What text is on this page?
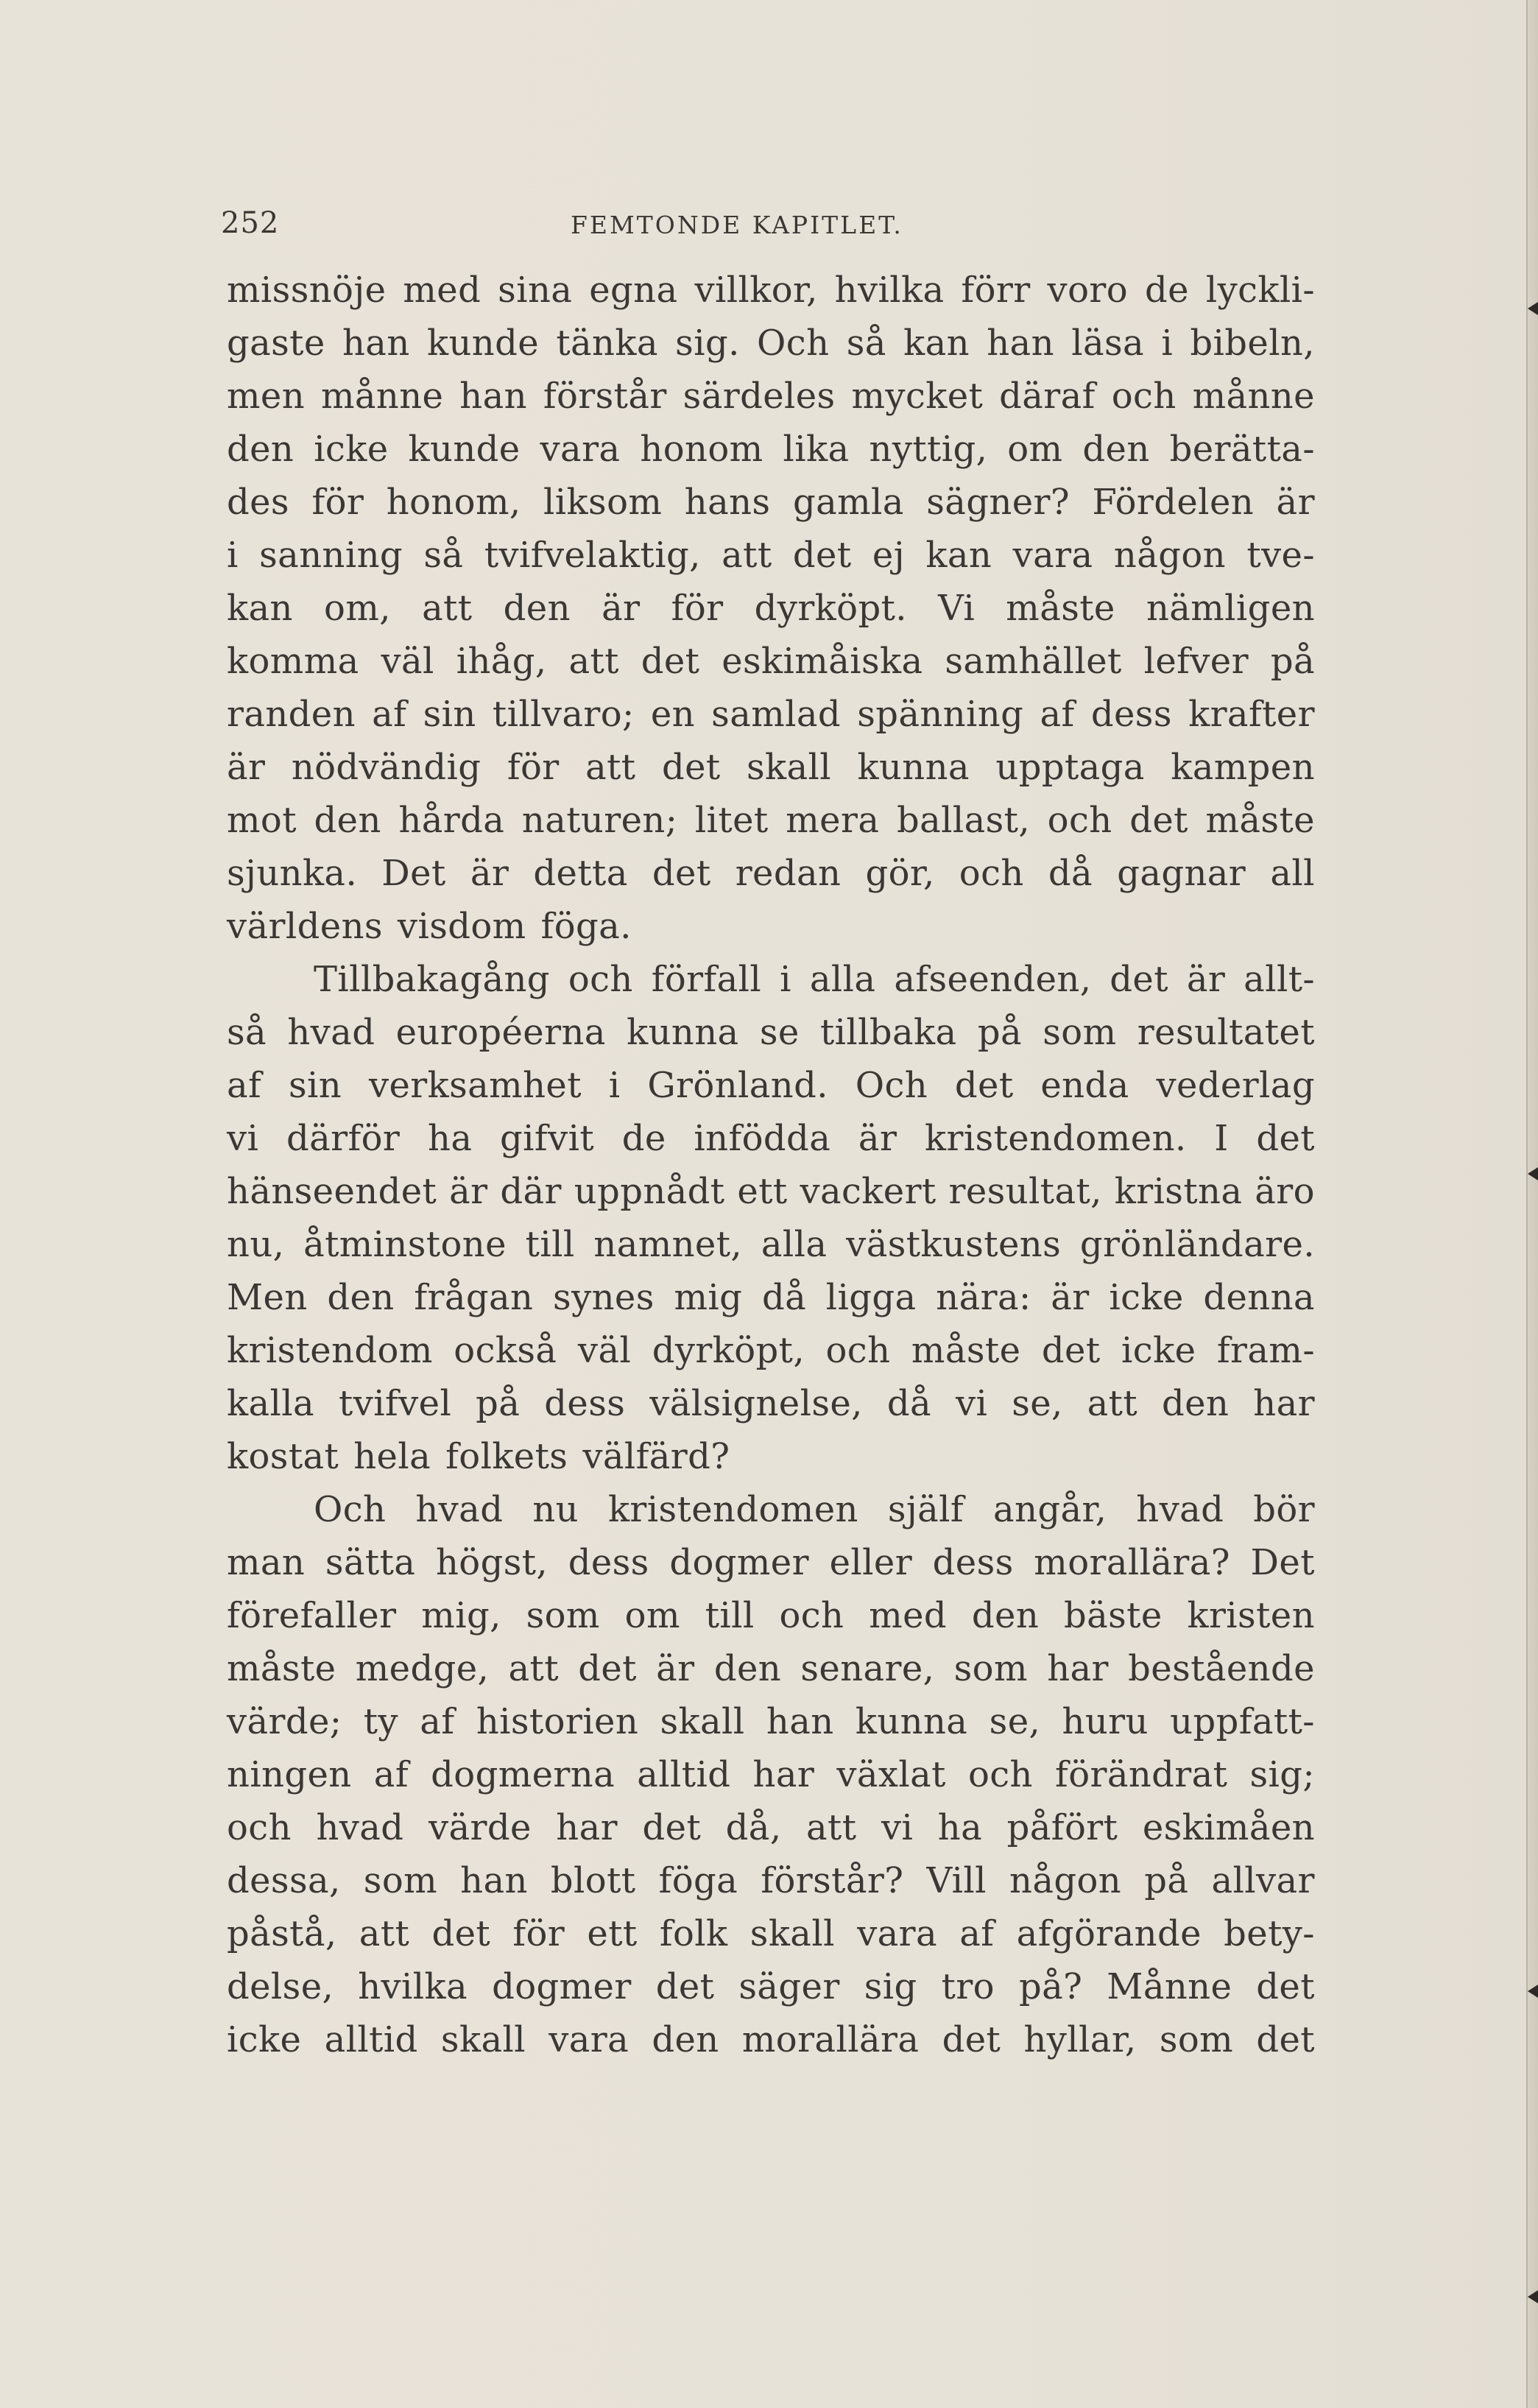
252	FEMTONDE KAPITLET.
missnöje med sina egna villkor, hvilka förr voro de lyckli-
gaste han kunde tänka sig. Och så kan han läsa i bibeln,
men månne han förstår särdeles mycket däraf och månne
den icke kunde vara honom lika nyttig, om den berätta-
des för honom, liksom hans gamla sägner? Fördelen är
i sanning så tvifvelaktig, att det ej kan vara någon tve-
kan om, att den är för dyrköpt. Vi måste nämligen
komma väl ihåg, att det eskimåiska samhället lefver på
randen af sin tillvaro; en samlad spänning af dess krafter
är nödvändig för att det skall kunna upptaga kampen
mot den hårda naturen; litet mera ballast, och det måste
sjunka. Det är detta det redan gör, och då gagnar all
världens visdom föga.
Tillbakagång och förfall i alla afseenden, det är allt-
så hvad européerna kunna se tillbaka på som resultatet
af sin verksamhet i Grönland. Och det enda vederlag
vi därför ha gifvit de infödda är kristendomen. I det
hänseendet är där uppnådt ett vackert resultat, kristna äro
nu, åtminstone till namnet, alla västkustens grönländare.
Men den frågan synes mig då ligga nära: är icke denna
kristendom också väl dyrköpt, och måste det icke fram-
kalla tvifvel på dess välsignelse, då vi se, att den har
kostat hela folkets välfärd?
Och hvad nu kristendomen själf angår, hvad bör
man sätta högst, dess dogmer eller dess morallära? Det
förefaller mig, som om till och med den bäste kristen
måste medge, att det är den senare, som har bestående
värde; ty af historien skall han kunna se, huru uppfatt-
ningen af dogmerna alltid har växlat och förändrat sig;
och hvad värde har det då, att vi ha påfört eskimåen
dessa, som han blott föga förstår? Vill någon på allvar
påstå, att det för ett folk skall vara af afgörande bety-
delse, hvilka dogmer det säger sig tro på? Månne det
icke alltid skall vara den morallära det hyllar, som det
